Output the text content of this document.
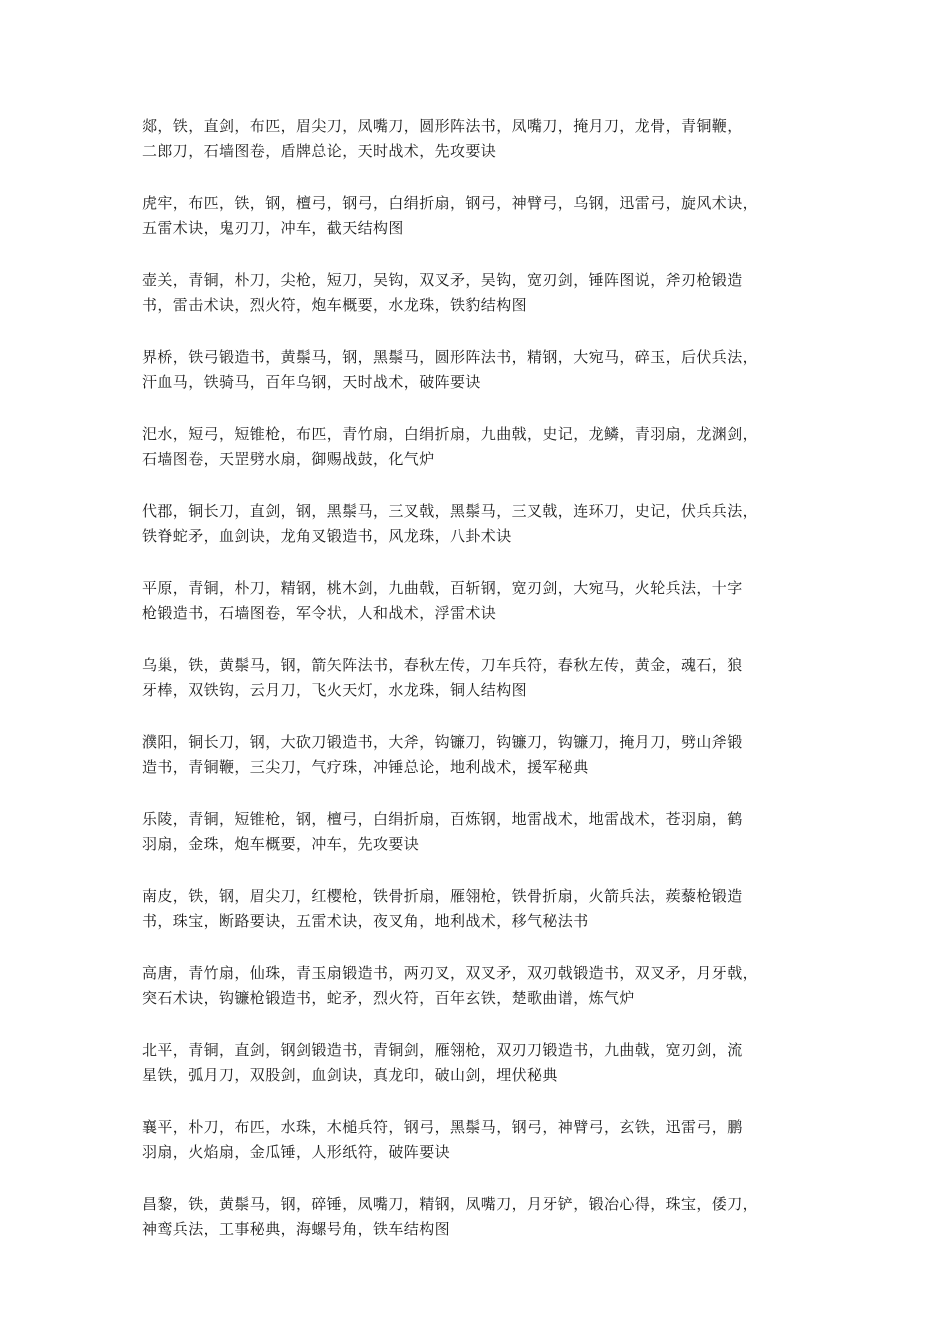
郯，铁，直剑，布匹，眉尖刀，凤嘴刀，圆形阵法书，凤嘴刀，掩月刀，龙骨，青铜鞭，
二郎刀，石墙图卷，盾牌总论，天时战术，先攻要诀

虎牢，布匹，铁，钢，檀弓，钢弓，白绢折扇，钢弓，神臂弓，乌钢，迅雷弓，旋风术诀，
五雷术诀，鬼刃刀，冲车，截天结构图

壶关，青铜，朴刀，尖枪，短刀，吴钩，双叉矛，吴钩，宽刃剑，锤阵图说，斧刃枪锻造
书，雷击术诀，烈火符，炮车概要，水龙珠，铁豹结构图

界桥，铁弓锻造书，黄鬃马，钢，黑鬃马，圆形阵法书，精钢，大宛马，碎玉，后伏兵法，
汗血马，铁骑马，百年乌钢，天时战术，破阵要诀

汜水，短弓，短锥枪，布匹，青竹扇，白绢折扇，九曲戟，史记，龙鳞，青羽扇，龙渊剑，
石墙图卷，天罡劈水扇，御赐战鼓，化气炉

代郡，铜长刀，直剑，钢，黑鬃马，三叉戟，黑鬃马，三叉戟，连环刀，史记，伏兵兵法，
铁脊蛇矛，血剑诀，龙角叉锻造书，风龙珠，八卦术诀

平原，青铜，朴刀，精钢，桃木剑，九曲戟，百斩钢，宽刃剑，大宛马，火轮兵法，十字
枪锻造书，石墙图卷，军令状，人和战术，浮雷术诀

乌巢，铁，黄鬃马，钢，箭矢阵法书，春秋左传，刀车兵符，春秋左传，黄金，魂石，狼
牙棒，双铁钩，云月刀，飞火天灯，水龙珠，铜人结构图

濮阳，铜长刀，钢，大砍刀锻造书，大斧，钩镰刀，钩镰刀，钩镰刀，掩月刀，劈山斧锻
造书，青铜鞭，三尖刀，气疗珠，冲锤总论，地利战术，援军秘典

乐陵，青铜，短锥枪，钢，檀弓，白绢折扇，百炼钢，地雷战术，地雷战术，苍羽扇，鹤
羽扇，金珠，炮车概要，冲车，先攻要诀

南皮，铁，钢，眉尖刀，红樱枪，铁骨折扇，雁翎枪，铁骨折扇，火箭兵法，蒺藜枪锻造
书，珠宝，断路要诀，五雷术诀，夜叉角，地利战术，移气秘法书

高唐，青竹扇，仙珠，青玉扇锻造书，两刃叉，双叉矛，双刃戟锻造书，双叉矛，月牙戟，
突石术诀，钩镰枪锻造书，蛇矛，烈火符，百年玄铁，楚歌曲谱，炼气炉

北平，青铜，直剑，钢剑锻造书，青铜剑，雁翎枪，双刃刀锻造书，九曲戟，宽刃剑，流
星铁，弧月刀，双股剑，血剑诀，真龙印，破山剑，埋伏秘典

襄平，朴刀，布匹，水珠，木槌兵符，钢弓，黑鬃马，钢弓，神臂弓，玄铁，迅雷弓，鹏
羽扇，火焰扇，金瓜锤，人形纸符，破阵要诀

昌黎，铁，黄鬃马，钢，碎锤，凤嘴刀，精钢，凤嘴刀，月牙铲，锻冶心得，珠宝，倭刀，
神鸾兵法，工事秘典，海螺号角，铁车结构图
